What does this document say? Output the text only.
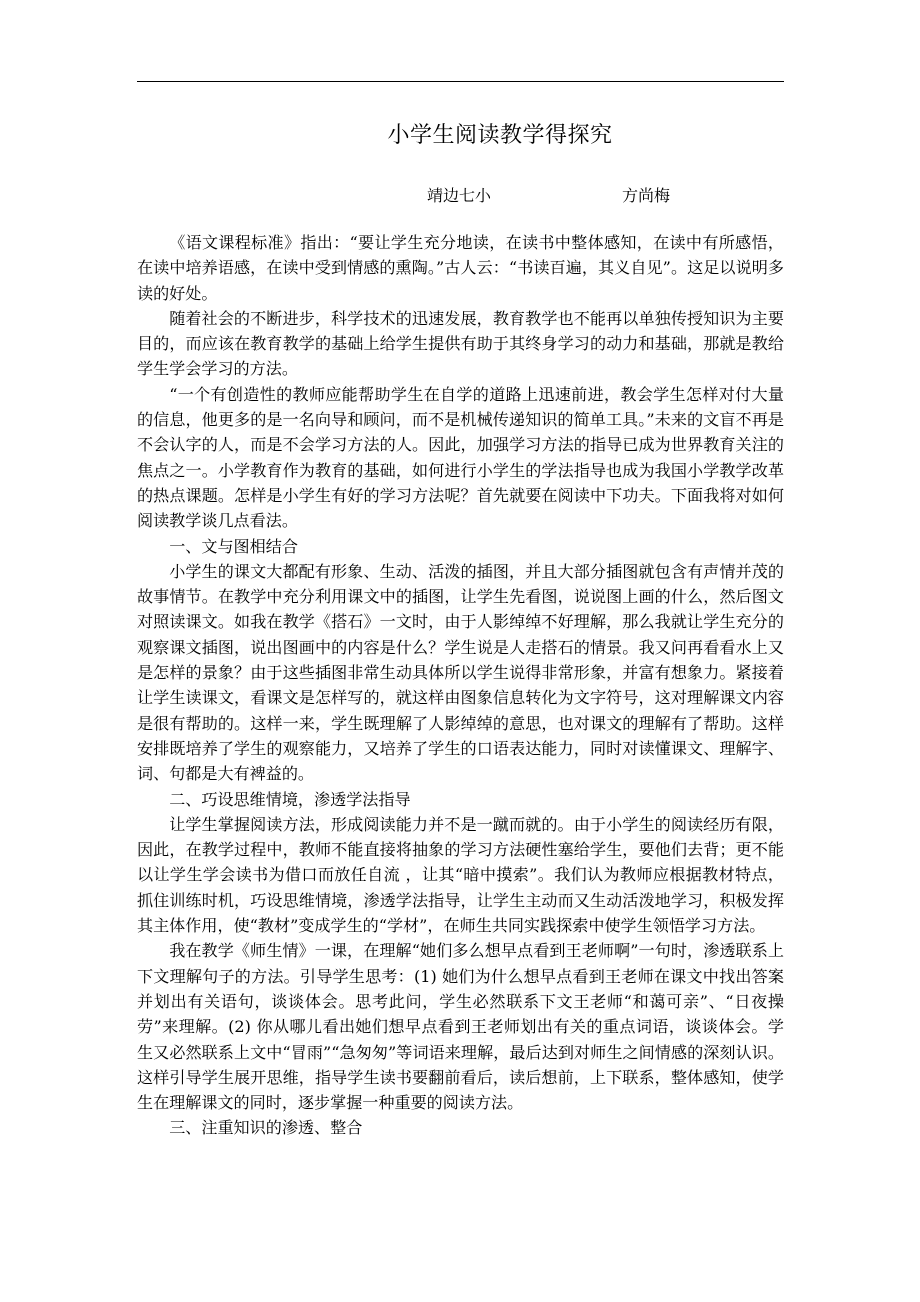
小学生阅读教学得探究
靖边七小	方尚梅

《语文课程标准》指出：“要让学生充分地读，在读书中整体感知，在读中有所感悟，在读中培养语感，在读中受到情感的熏陶。”古人云：“书读百遍，其义自见”。这足以说明多读的好处。

随着社会的不断进步，科学技术的迅速发展，教育教学也不能再以单独传授知识为主要目的，而应该在教育教学的基础上给学生提供有助于其终身学习的动力和基础，那就是教给学生学会学习的方法。

“一个有创造性的教师应能帮助学生在自学的道路上迅速前进，教会学生怎样对付大量的信息，他更多的是一名向导和顾问，而不是机械传递知识的简单工具。”未来的文盲不再是不会认字的人，而是不会学习方法的人。因此，加强学习方法的指导已成为世界教育关注的焦点之一。小学教育作为教育的基础，如何进行小学生的学法指导也成为我国小学教学改革的热点课题。怎样是小学生有好的学习方法呢？首先就要在阅读中下功夫。下面我将对如何阅读教学谈几点看法。

一、文与图相结合

小学生的课文大都配有形象、生动、活泼的插图，并且大部分插图就包含有声情并茂的故事情节。在教学中充分利用课文中的插图，让学生先看图，说说图上画的什么，然后图文对照读课文。如我在教学《搭石》一文时，由于人影绰绰不好理解，那么我就让学生充分的观察课文插图，说出图画中的内容是什么？学生说是人走搭石的情景。我又问再看看水上又是怎样的景象？由于这些插图非常生动具体所以学生说得非常形象，并富有想象力。紧接着让学生读课文，看课文是怎样写的，就这样由图象信息转化为文字符号，这对理解课文内容是很有帮助的。这样一来，学生既理解了人影绰绰的意思，也对课文的理解有了帮助。这样安排既培养了学生的观察能力，又培养了学生的口语表达能力，同时对读懂课文、理解字、词、句都是大有裨益的。

二、巧设思维情境，渗透学法指导

让学生掌握阅读方法，形成阅读能力并不是一蹴而就的。由于小学生的阅读经历有限，因此，在教学过程中，教师不能直接将抽象的学习方法硬性塞给学生，要他们去背；更不能以让学生学会读书为借口而放任自流 ，让其“暗中摸索”。我们认为教师应根据教材特点，抓住训练时机，巧设思维情境，渗透学法指导，让学生主动而又生动活泼地学习，积极发挥其主体作用，使“教材”变成学生的“学材”，在师生共同实践探索中使学生领悟学习方法。

我在教学《师生情》一课，在理解“她们多么想早点看到王老师啊”一句时，渗透联系上下文理解句子的方法。引导学生思考：(1) 她们为什么想早点看到王老师在课文中找出答案并划出有关语句，谈谈体会。思考此问，学生必然联系下文王老师“和蔼可亲”、“日夜操劳”来理解。(2) 你从哪儿看出她们想早点看到王老师划出有关的重点词语，谈谈体会。学生又必然联系上文中“冒雨”“急匆匆”等词语来理解，最后达到对师生之间情感的深刻认识。这样引导学生展开思维，指导学生读书要翻前看后，读后想前，上下联系，整体感知，使学生在理解课文的同时，逐步掌握一种重要的阅读方法。

三、注重知识的渗透、整合
